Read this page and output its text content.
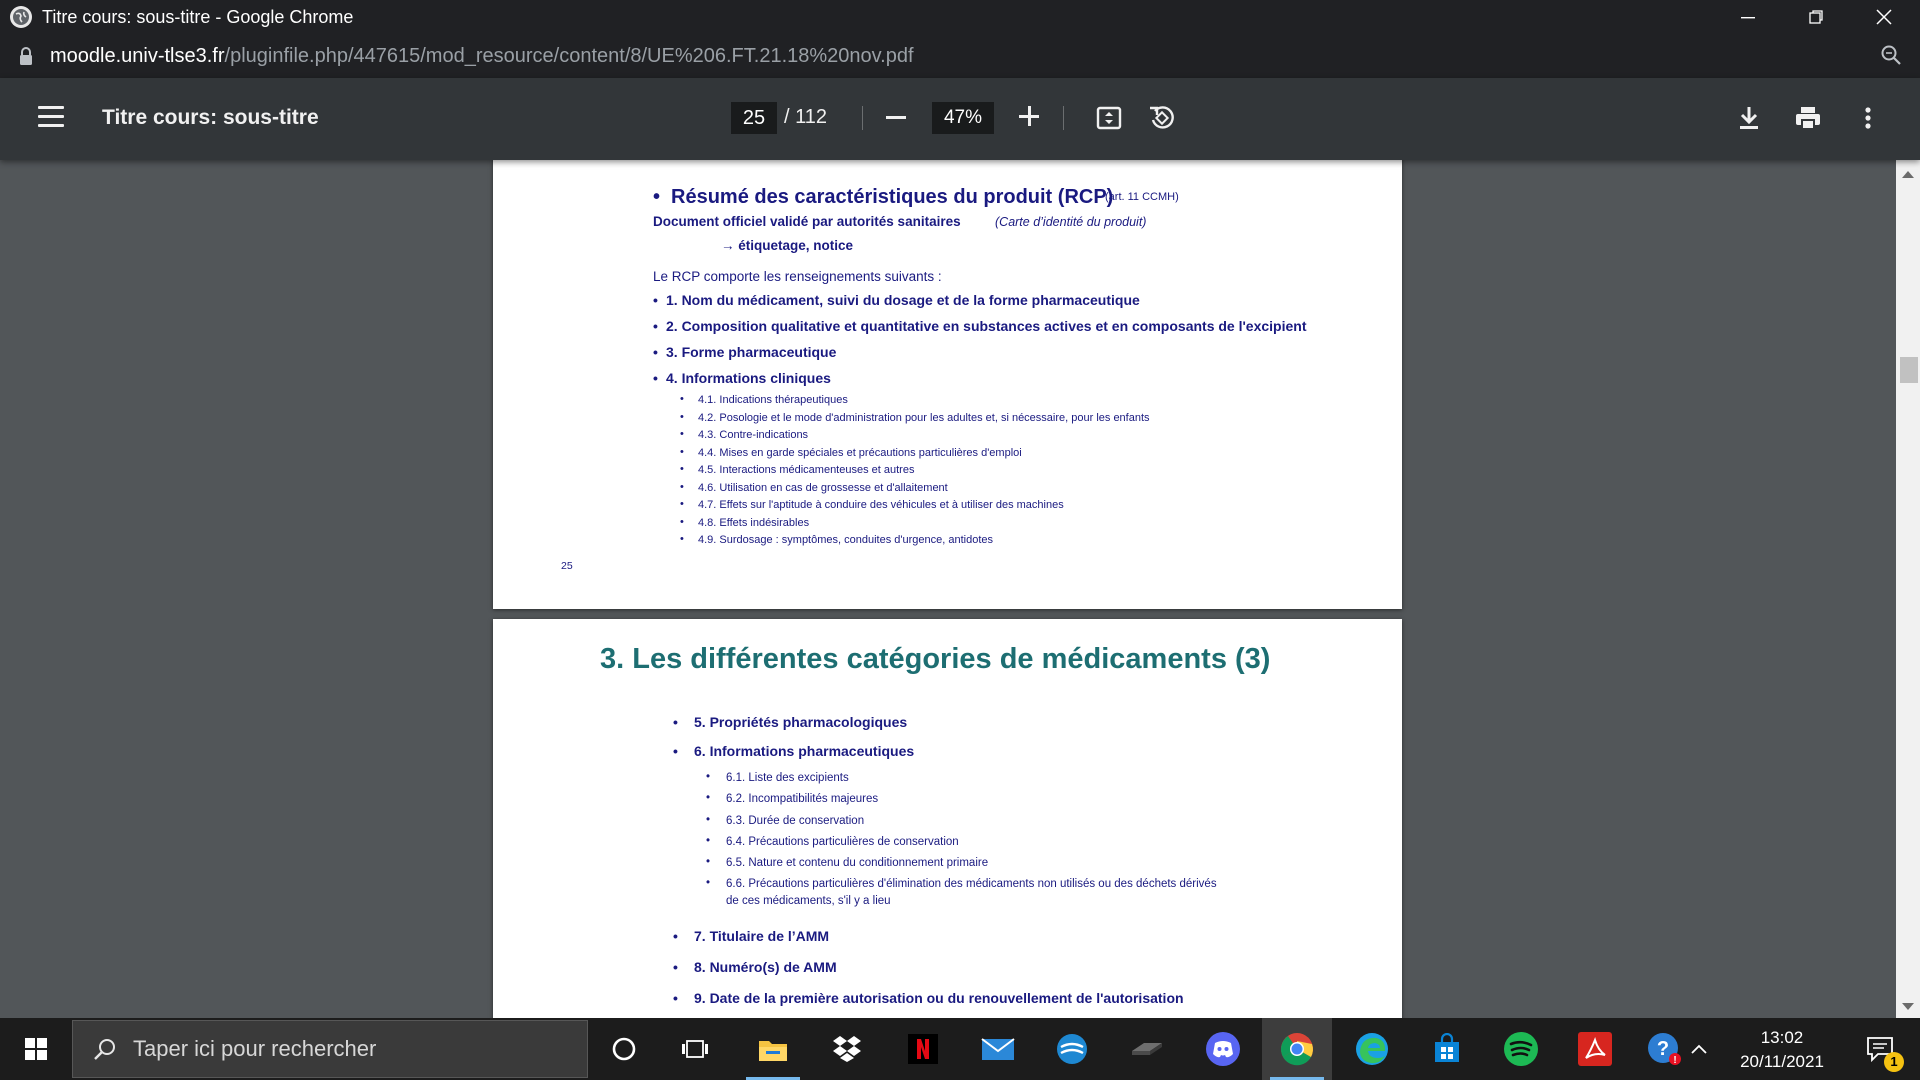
Titre cours: sous-titre - Google Chrome
moodle.univ-tlse3.fr/pluginfile.php/447615/mod_resource/content/8/UE%206.FT.21.18%20nov.pdf
Titre cours: sous-titre	25 / 112	47%
• Résumé des caractéristiques du produit (RCP)
(art. 11 CCMH)
Document officiel validé par autorités sanitaires	(Carte d’identité du produit)
→ étiquetage, notice
Le RCP comporte les renseignements suivants :
• 1. Nom du médicament, suivi du dosage et de la forme pharmaceutique
• 2. Composition qualitative et quantitative en substances actives et en composants de l'excipient
• 3. Forme pharmaceutique
• 4. Informations cliniques
• 4.1. Indications thérapeutiques
• 4.2. Posologie et le mode d'administration pour les adultes et, si nécessaire, pour les enfants
• 4.3. Contre-indications
• 4.4. Mises en garde spéciales et précautions particulières d'emploi
• 4.5. Interactions médicamenteuses et autres
• 4.6. Utilisation en cas de grossesse et d'allaitement
• 4.7. Effets sur l'aptitude à conduire des véhicules et à utiliser des machines
• 4.8. Effets indésirables
• 4.9. Surdosage : symptômes, conduites d'urgence, antidotes
25
3. Les différentes catégories de médicaments (3)
• 5. Propriétés pharmacologiques
• 6. Informations pharmaceutiques
• 6.1. Liste des excipients
• 6.2. Incompatibilités majeures
• 6.3. Durée de conservation
• 6.4. Précautions particulières de conservation
• 6.5. Nature et contenu du conditionnement primaire
• 6.6. Précautions particulières d'élimination des médicaments non utilisés ou des déchets dérivés
de ces médicaments, s'il y a lieu
• 7. Titulaire de l’AMM
• 8. Numéro(s) de AMM
• 9. Date de la première autorisation ou du renouvellement de l'autorisation
Taper ici pour rechercher	?
!
13:02
20/11/2021	1
